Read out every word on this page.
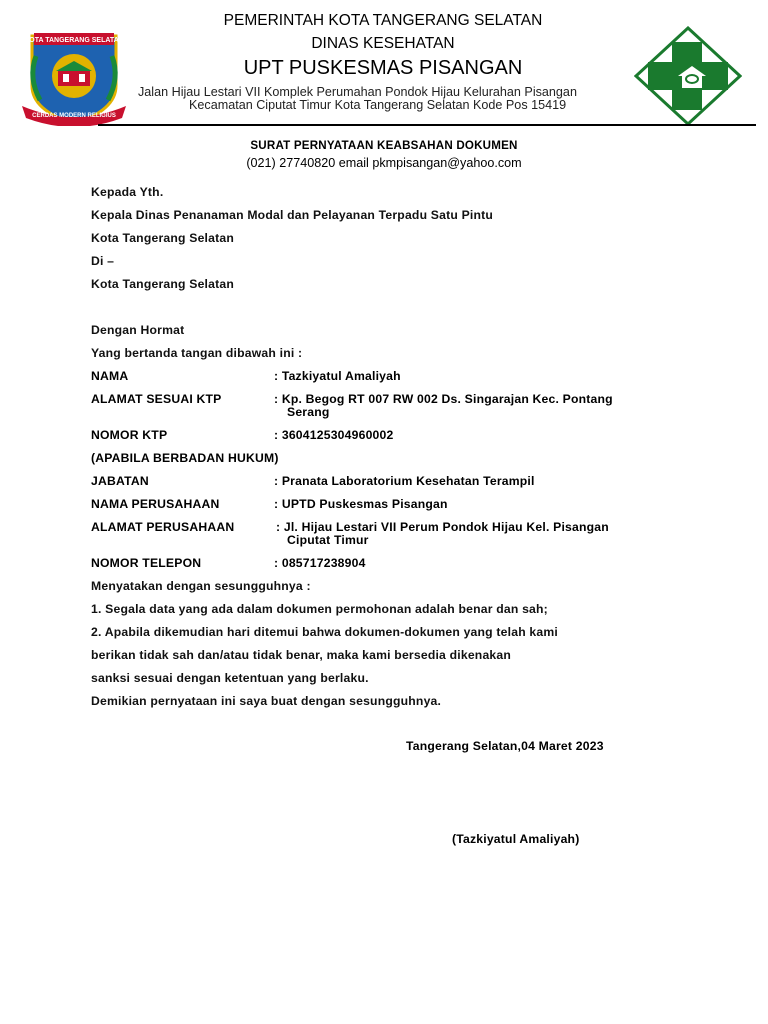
KOTA TANGERANG SELATAN
CERDAS MODERN RELIGIUS
PEMERINTAH KOTA TANGERANG SELATAN
DINAS KESEHATAN
UPT PUSKESMAS PISANGAN
Jalan Hijau Lestari VII Komplek Perumahan Pondok Hijau Kelurahan Pisangan
Kecamatan Ciputat Timur Kota Tangerang Selatan Kode Pos 15419
SURAT PERNYATAAN KEABSAHAN DOKUMEN
(021) 27740820 email pkmpisangan@yahoo.com
Kepada Yth.
Kepala Dinas Penanaman Modal dan Pelayanan Terpadu Satu Pintu
Kota Tangerang Selatan
Di –
Kota Tangerang Selatan
Dengan Hormat
Yang bertanda tangan dibawah ini :
NAMA	: Tazkiyatul Amaliyah
ALAMAT SESUAI KTP	: Kp. Begog RT 007 RW 002 Ds. Singarajan Kec. Pontang
Serang
NOMOR KTP	: 3604125304960002
(APABILA BERBADAN HUKUM)
JABATAN	: Pranata Laboratorium Kesehatan Terampil
NAMA PERUSAHAAN	: UPTD Puskesmas Pisangan
ALAMAT PERUSAHAAN	: Jl. Hijau Lestari VII Perum Pondok Hijau Kel. Pisangan
Ciputat Timur
NOMOR TELEPON	: 085717238904
Menyatakan dengan sesungguhnya :
1. Segala data yang ada dalam dokumen permohonan adalah benar dan sah;
2. Apabila dikemudian hari ditemui bahwa dokumen-dokumen yang telah kami
berikan tidak sah dan/atau tidak benar, maka kami bersedia dikenakan
sanksi sesuai dengan ketentuan yang berlaku.
Demikian pernyataan ini saya buat dengan sesungguhnya.
Tangerang Selatan,04 Maret 2023
(Tazkiyatul Amaliyah)
